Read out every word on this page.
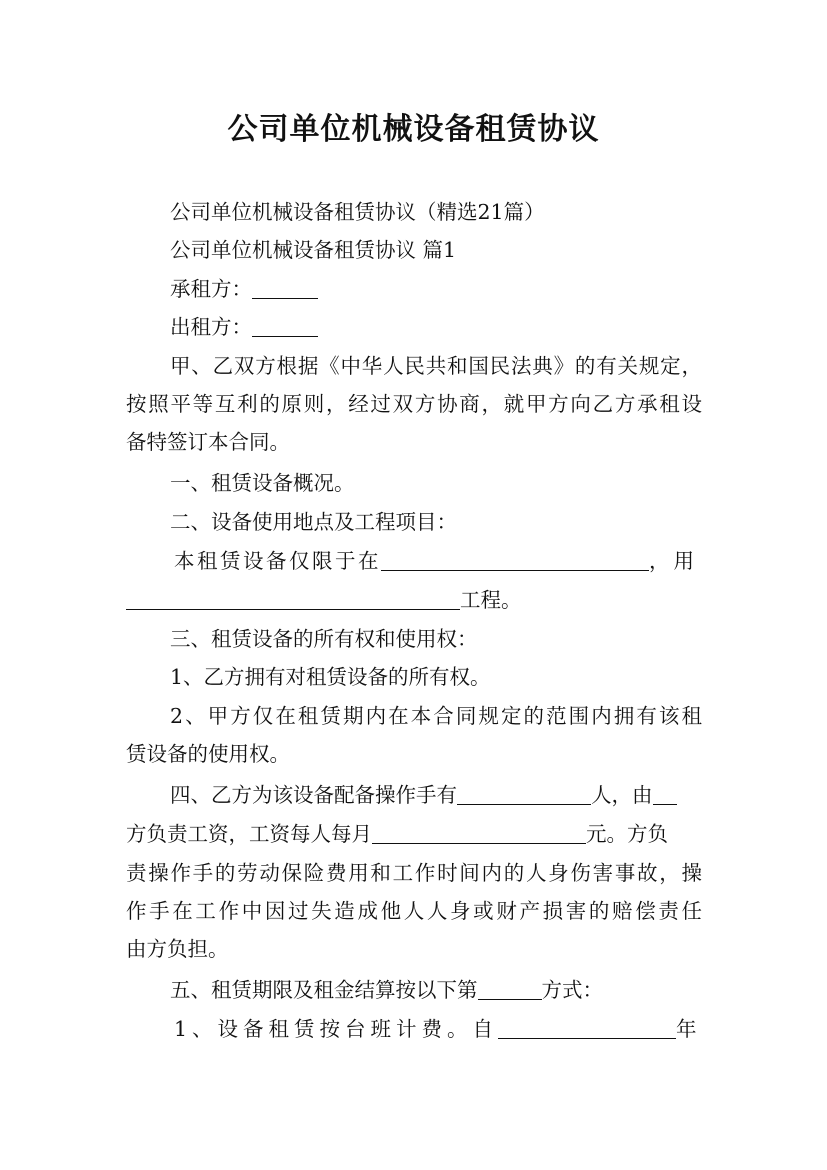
公司单位机械设备租赁协议
公司单位机械设备租赁协议（精选21篇）
公司单位机械设备租赁协议 篇1
承租方：
出租方：
甲、乙双方根据《中华人民共和国民法典》的有关规定，
按照平等互利的原则，经过双方协商，就甲方向乙方承租设
备特签订本合同。
一、租赁设备概况。
二、设备使用地点及工程项目：
本租赁设备仅限于在	，用
工程。
三、租赁设备的所有权和使用权：
1、乙方拥有对租赁设备的所有权。
2、甲方仅在租赁期内在本合同规定的范围内拥有该租
赁设备的使用权。
四、乙方为该设备配备操作手有	人，由
方负责工资，工资每人每月	元。方负
责操作手的劳动保险费用和工作时间内的人身伤害事故，操
作手在工作中因过失造成他人人身或财产损害的赔偿责任
由方负担。
五、租赁期限及租金结算按以下第	方式：
1、设备租赁按台班计费。自	年
